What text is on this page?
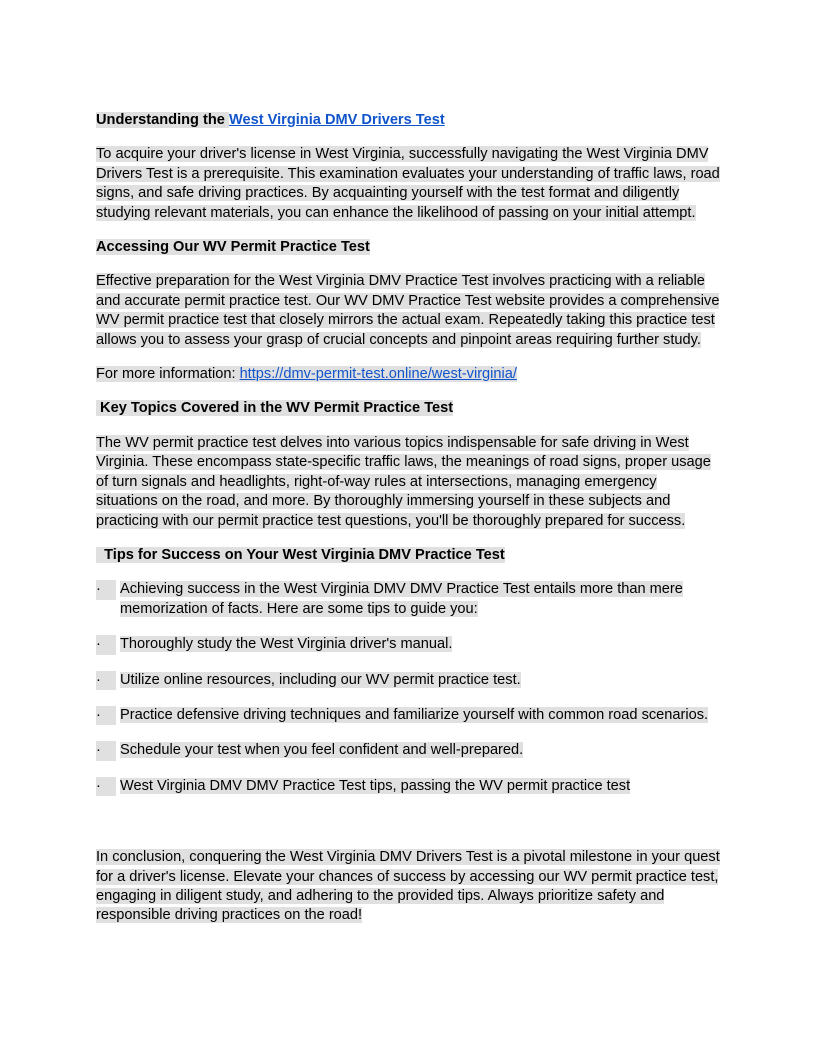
Understanding the West Virginia DMV Drivers Test

To acquire your driver's license in West Virginia, successfully navigating the West Virginia DMV Drivers Test is a prerequisite. This examination evaluates your understanding of traffic laws, road signs, and safe driving practices. By acquainting yourself with the test format and diligently studying relevant materials, you can enhance the likelihood of passing on your initial attempt.

Accessing Our WV Permit Practice Test

Effective preparation for the West Virginia DMV Practice Test involves practicing with a reliable and accurate permit practice test. Our WV DMV Practice Test website provides a comprehensive WV permit practice test that closely mirrors the actual exam. Repeatedly taking this practice test allows you to assess your grasp of crucial concepts and pinpoint areas requiring further study.

For more information: https://dmv-permit-test.online/west-virginia/

Key Topics Covered in the WV Permit Practice Test

The WV permit practice test delves into various topics indispensable for safe driving in West Virginia. These encompass state-specific traffic laws, the meanings of road signs, proper usage of turn signals and headlights, right-of-way rules at intersections, managing emergency situations on the road, and more. By thoroughly immersing yourself in these subjects and practicing with our permit practice test questions, you'll be thoroughly prepared for success.

Tips for Success on Your West Virginia DMV Practice Test
·	Achieving success in the West Virginia DMV DMV Practice Test entails more than mere memorization of facts. Here are some tips to guide you:
·	Thoroughly study the West Virginia driver's manual.
·	Utilize online resources, including our WV permit practice test.
·	Practice defensive driving techniques and familiarize yourself with common road scenarios.
·	Schedule your test when you feel confident and well-prepared.
·	West Virginia DMV DMV Practice Test tips, passing the WV permit practice test

In conclusion, conquering the West Virginia DMV Drivers Test is a pivotal milestone in your quest for a driver's license. Elevate your chances of success by accessing our WV permit practice test, engaging in diligent study, and adhering to the provided tips. Always prioritize safety and responsible driving practices on the road!
